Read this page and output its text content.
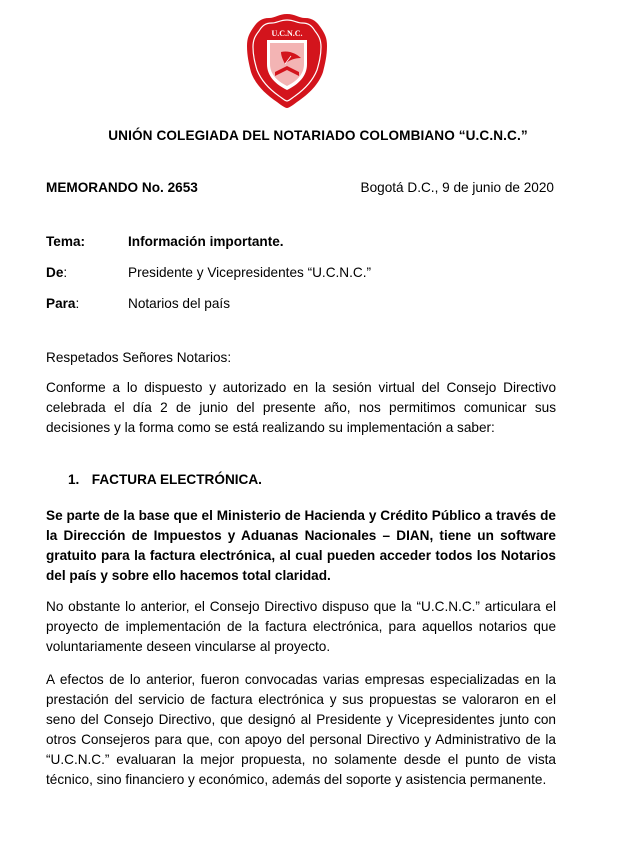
U.C.N.C.
UNIÓN COLEGIADA DEL NOTARIADO COLOMBIANO “U.C.N.C.”
MEMORANDO No. 2653	Bogotá D.C., 9 de junio de 2020
Tema:	Información importante.
De:	Presidente y Vicepresidentes “U.C.N.C.”
Para:	Notarios del país

Respetados Señores Notarios:

Conforme a lo dispuesto y autorizado en la sesión virtual del Consejo Directivo celebrada el día 2 de junio del presente año, nos permitimos comunicar sus decisiones y la forma como se está realizando su implementación a saber:

1. FACTURA ELECTRÓNICA.

Se parte de la base que el Ministerio de Hacienda y Crédito Público a través de la Dirección de Impuestos y Aduanas Nacionales – DIAN, tiene un software gratuito para la factura electrónica, al cual pueden acceder todos los Notarios del país y sobre ello hacemos total claridad.

No obstante lo anterior, el Consejo Directivo dispuso que la “U.C.N.C.” articulara el proyecto de implementación de la factura electrónica, para aquellos notarios que voluntariamente deseen vincularse al proyecto.

A efectos de lo anterior, fueron convocadas varias empresas especializadas en la prestación del servicio de factura electrónica y sus propuestas se valoraron en el seno del Consejo Directivo, que designó al Presidente y Vicepresidentes junto con otros Consejeros para que, con apoyo del personal Directivo y Administrativo de la “U.C.N.C.” evaluaran la mejor propuesta, no solamente desde el punto de vista técnico, sino financiero y económico, además del soporte y asistencia permanente.
